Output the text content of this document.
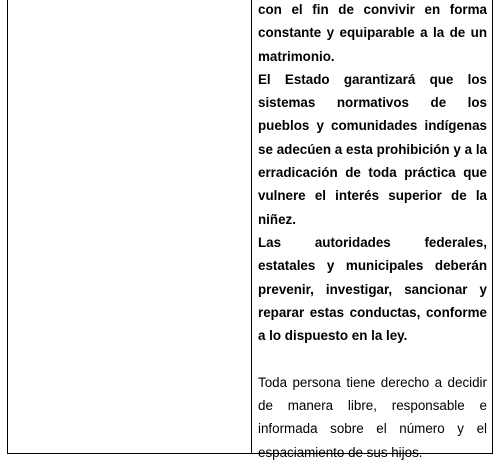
con el fin de convivir en forma constante y equiparable a la de un matrimonio.

El Estado garantizará que los sistemas normativos de los pueblos y comunidades indígenas se adecúen a esta prohibición y a la erradicación de toda práctica que vulnere el interés superior de la niñez.

Las autoridades federales, estatales y municipales deberán prevenir, investigar, sancionar y reparar estas conductas, conforme a lo dispuesto en la ley.

Toda persona tiene derecho a decidir de manera libre, responsable e informada sobre el número y el espaciamiento de sus hijos.
